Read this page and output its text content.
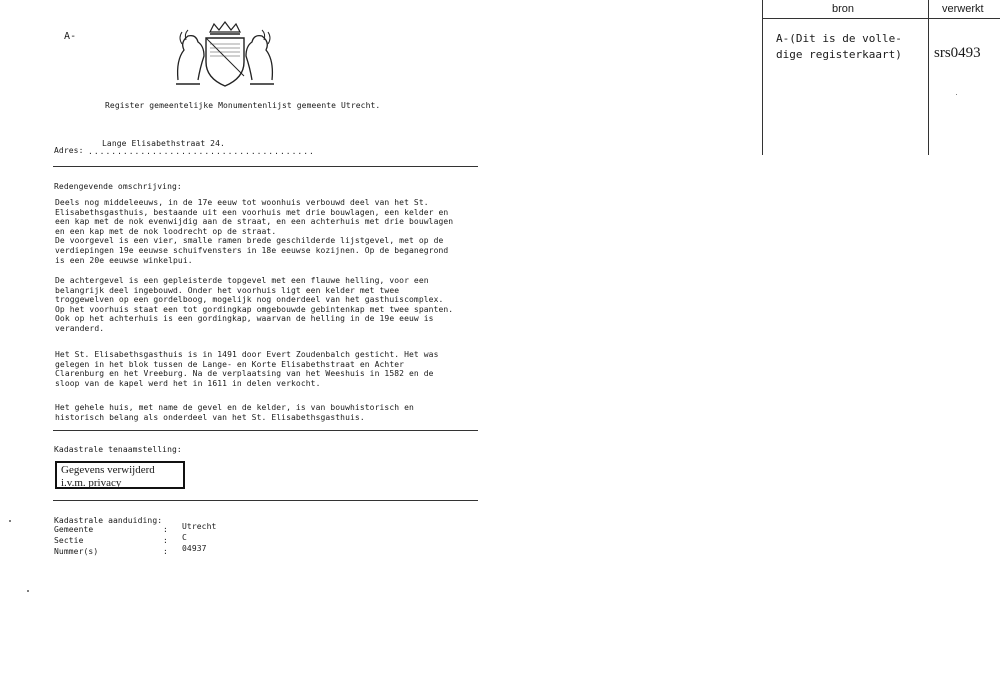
A-
Register gemeentelijke Monumentenlijst gemeente Utrecht.
Adres: .......................................
Lange Elisabethstraat 24.
Redengevende omschrijving:
Deels nog middeleeuws, in de 17e eeuw tot woonhuis verbouwd deel van het St.
Elisabethsgasthuis, bestaande uit een voorhuis met drie bouwlagen, een kelder en
een kap met de nok evenwijdig aan de straat, en een achterhuis met drie bouwlagen
en een kap met de nok loodrecht op de straat.
De voorgevel is een vier, smalle ramen brede geschilderde lijstgevel, met op de
verdiepingen 19e eeuwse schuifvensters in 18e eeuwse kozijnen. Op de beganegrond
is een 20e eeuwse winkelpui.
De achtergevel is een gepleisterde topgevel met een flauwe helling, voor een
belangrijk deel ingebouwd. Onder het voorhuis ligt een kelder met twee
troggewelven op een gordelboog, mogelijk nog onderdeel van het gasthuiscomplex.
Op het voorhuis staat een tot gordingkap omgebouwde gebintenkap met twee spanten.
Ook op het achterhuis is een gordingkap, waarvan de helling in de 19e eeuw is
veranderd.
Het St. Elisabethsgasthuis is in 1491 door Evert Zoudenbalch gesticht. Het was
gelegen in het blok tussen de Lange- en Korte Elisabethstraat en Achter
Clarenburg en het Vreeburg. Na de verplaatsing van het Weeshuis in 1582 en de
sloop van de kapel werd het in 1611 in delen verkocht.
Het gehele huis, met name de gevel en de kelder, is van bouwhistorisch en
historisch belang als onderdeel van het St. Elisabethsgasthuis.
Kadastrale tenaamstelling:
Gegevens verwijderd i.v.m. privacy
Kadastrale aanduiding:
Gemeente	: Utrecht
Sectie	: C
Nummer(s)	: 04937
bron	verwerkt
A-(Dit is de volle-
dige registerkaart) srs0493
